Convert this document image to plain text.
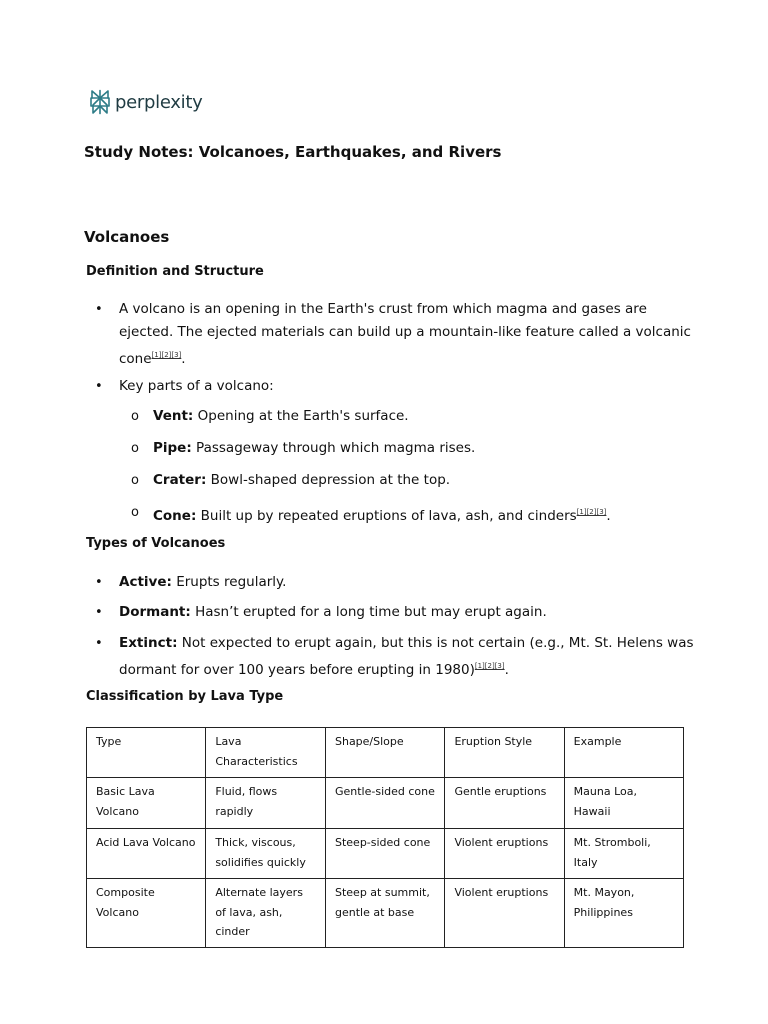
perplexity
Study Notes: Volcanoes, Earthquakes, and Rivers
Volcanoes
Definition and Structure
• A volcano is an opening in the Earth's crust from which magma and gases are ejected. The ejected materials can build up a mountain-like feature called a volcanic cone[1][2][3].

• Key parts of a volcano:

o Vent: Opening at the Earth's surface.

o Pipe: Passageway through which magma rises.

o Crater: Bowl-shaped depression at the top.

o Cone: Built up by repeated eruptions of lava, ash, and cinders[1][2][3].

Types of Volcanoes
• Active: Erupts regularly.

• Dormant: Hasn’t erupted for a long time but may erupt again.

• Extinct: Not expected to erupt again, but this is not certain (e.g., Mt. St. Helens was dormant for over 100 years before erupting in 1980)[1][2][3].

Classification by Lava Type
Type	Lava Characteristics	Shape/Slope	Eruption Style	Example
Basic Lava Volcano	Fluid, flows rapidly	Gentle-sided cone	Gentle eruptions	Mauna Loa, Hawaii
Acid Lava Volcano	Thick, viscous, solidifies quickly	Steep-sided cone	Violent eruptions	Mt. Stromboli, Italy
Composite Volcano	Alternate layers of lava, ash, cinder	Steep at summit, gentle at base	Violent eruptions	Mt. Mayon, Philippines
